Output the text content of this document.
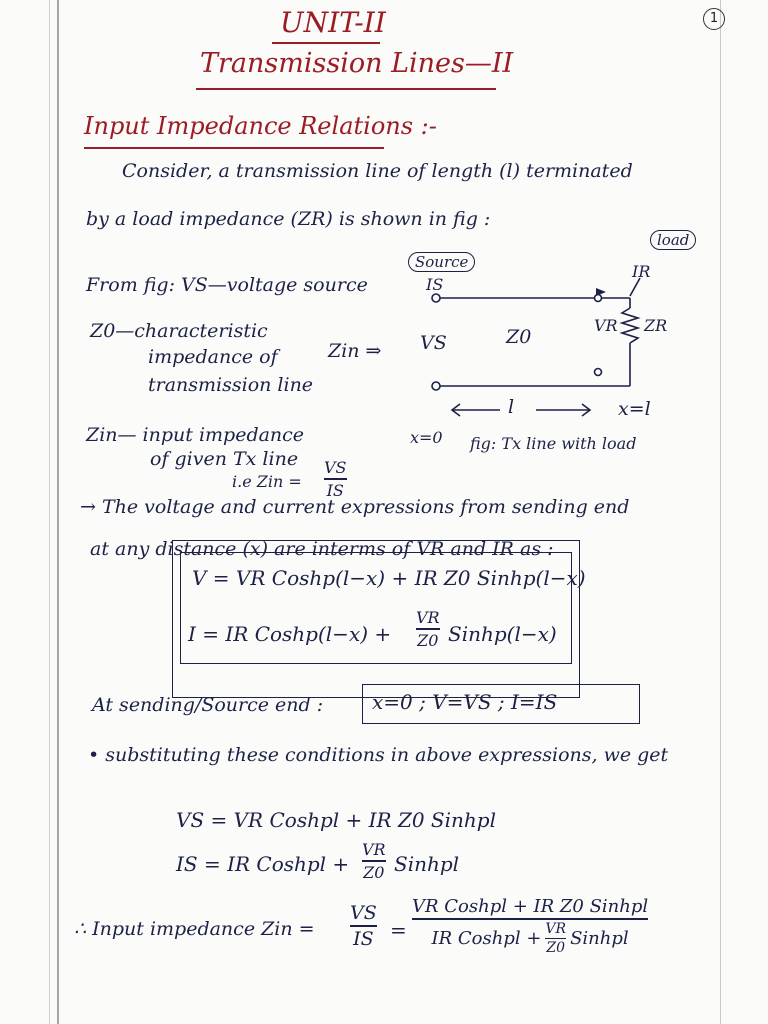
1
UNIT-II
Transmission Lines—II
Input Impedance Relations :-
Consider, a transmission line of length (l) terminated
by a load impedance (ZR) is shown in fig :
From fig: VS—voltage source
Z0—characteristic
impedance of
transmission line
Zin— input impedance
of given Tx line
i.e Zin =
VS
IS
Source
load
IS
IR
VS	Z0
Zin ⇒
VR ZR
l
x=0
x=l
fig: Tx line with load
→ The voltage and current expressions from sending end
at any distance (x) are interms of VR and IR as :
V = VR Coshp(l−x) + IR Z0 Sinhp(l−x)
I = IR Coshp(l−x) +
VR
Z0 Sinhp(l−x)
At sending/Source end : x=0 ; V=VS ; I=IS
• substituting these conditions in above expressions, we get
VS = VR Coshpl + IR Z0 Sinhpl
IS = IR Coshpl +
VR
Z0 Sinhpl
∴ Input impedance Zin =
VS
IS =
VR Coshpl + IR Z0 Sinhpl
IR Coshpl + $\frac{VR}{Z0}$ Sinhpl
